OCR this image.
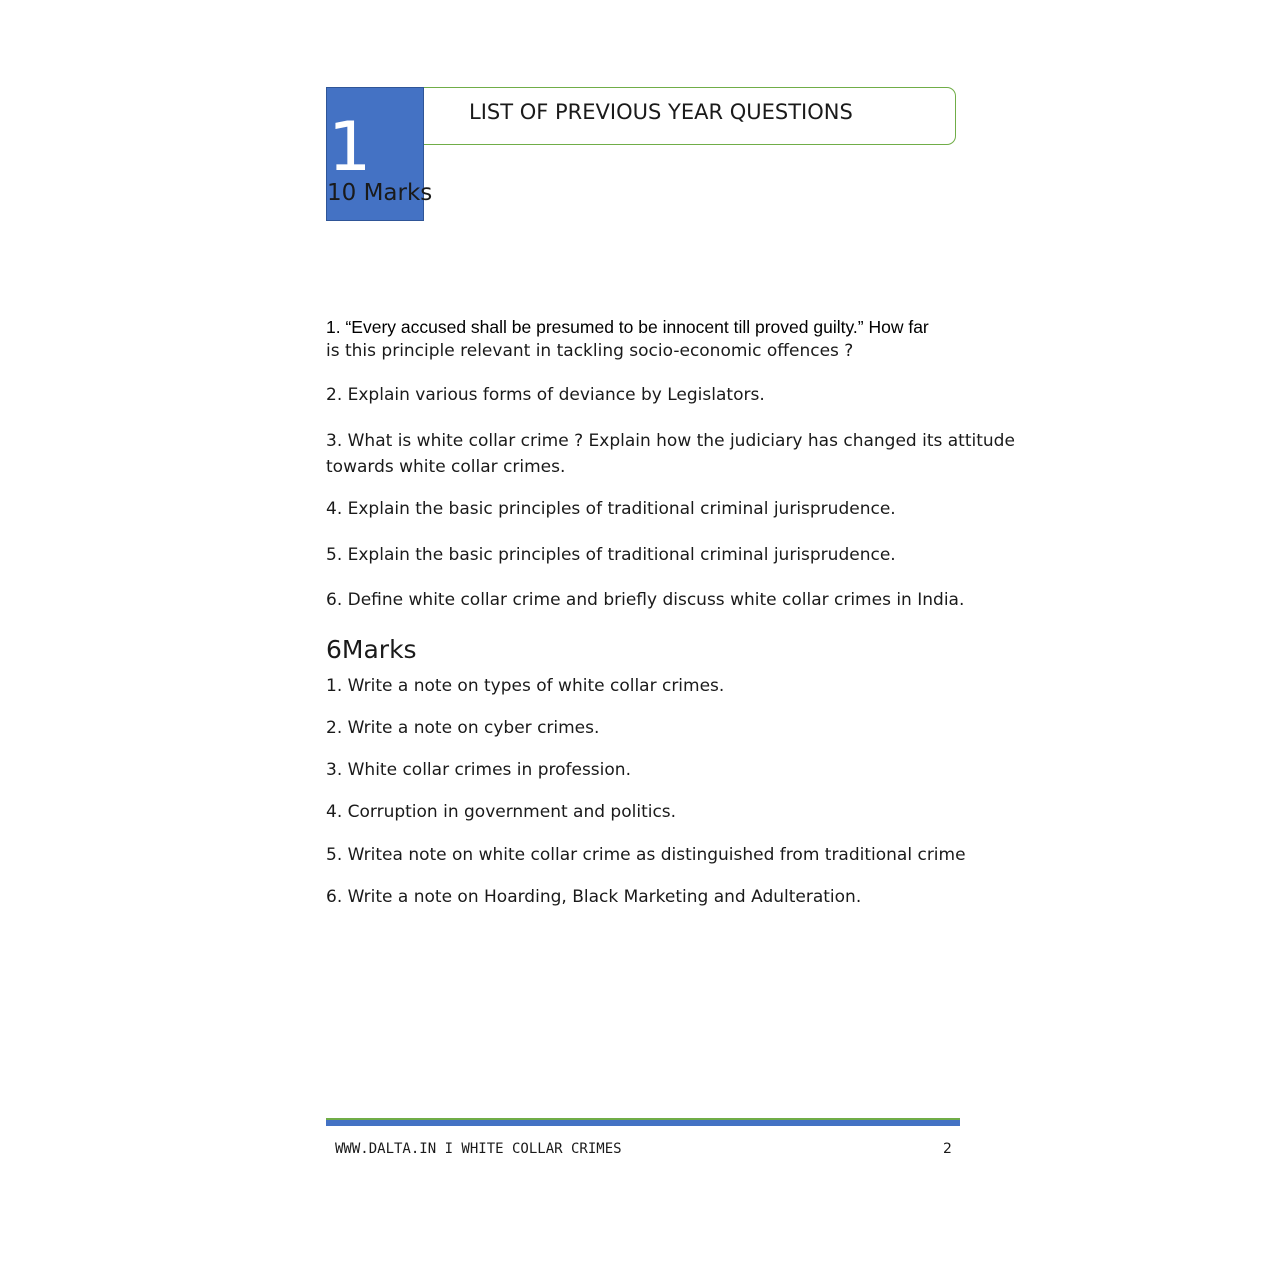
1
10 Marks
LIST OF PREVIOUS YEAR QUESTIONS
1. “Every accused shall be presumed to be innocent till proved guilty.” How far
is this principle relevant in tackling socio-economic offences ?
2. Explain various forms of deviance by Legislators.
3. What is white collar crime ? Explain how the judiciary has changed its attitude
towards white collar crimes.
4. Explain the basic principles of traditional criminal jurisprudence.
5. Explain the basic principles of traditional criminal jurisprudence.
6. Define white collar crime and briefly discuss white collar crimes in India.
6Marks
1. Write a note on types of white collar crimes.
2. Write a note on cyber crimes.
3. White collar crimes in profession.
4. Corruption in government and politics.
5. Writea note on white collar crime as distinguished from traditional crime
6. Write a note on Hoarding, Black Marketing and Adulteration.
WWW.DALTA.IN I WHITE COLLAR CRIMES	2
